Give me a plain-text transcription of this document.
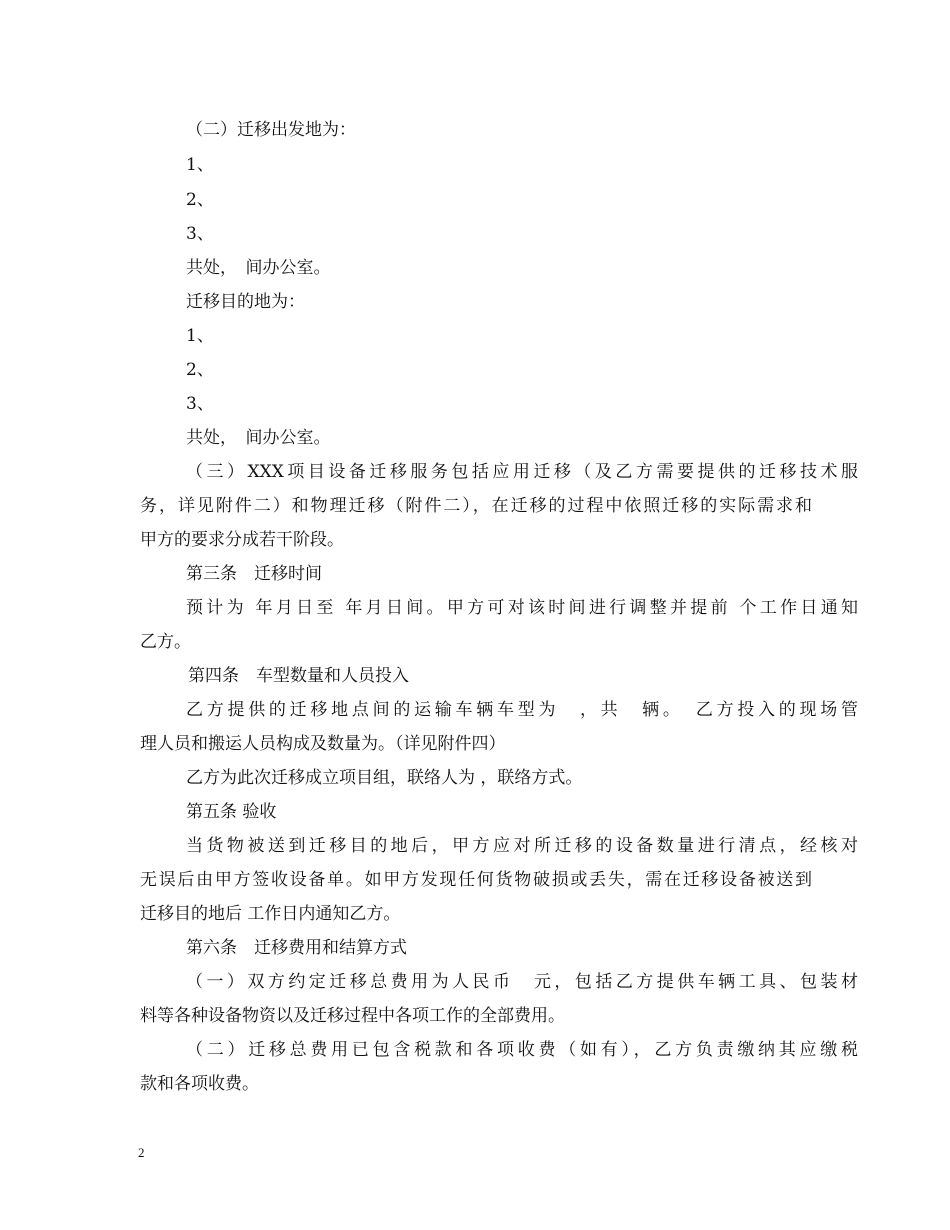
（二）迁移出发地为：
1、
2、
3、
共处，　间办公室。
迁移目的地为：
1、
2、
3、
共处，　间办公室。
（三）XXX项目设备迁移服务包括应用迁移（及乙方需要提供的迁移技术服
务，详见附件二）和物理迁移（附件二），在迁移的过程中依照迁移的实际需求和
甲方的要求分成若干阶段。
第三条　迁移时间
预计为 年月日至 年月日间。甲方可对该时间进行调整并提前 个工作日通知
乙方。
第四条　车型数量和人员投入
乙方提供的迁移地点间的运输车辆车型为　，共　辆。　乙方投入的现场管
理人员和搬运人员构成及数量为。（详见附件四）
乙方为此次迁移成立项目组，联络人为 ，联络方式。
第五条 验收
当货物被送到迁移目的地后，甲方应对所迁移的设备数量进行清点，经核对
无误后由甲方签收设备单。如甲方发现任何货物破损或丢失，需在迁移设备被送到
迁移目的地后 工作日内通知乙方。
第六条　迁移费用和结算方式
（一）双方约定迁移总费用为人民币　元，包括乙方提供车辆工具、包装材
料等各种设备物资以及迁移过程中各项工作的全部费用。
（二）迁移总费用已包含税款和各项收费（如有），乙方负责缴纳其应缴税
款和各项收费。
2
